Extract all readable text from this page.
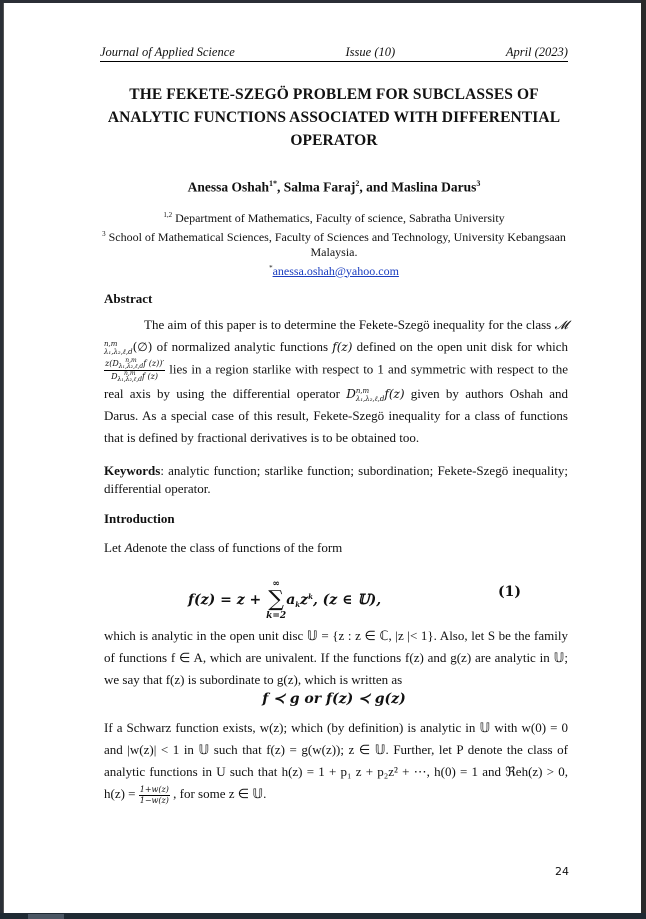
Journal of Applied Science	Issue (10)	April (2023)
THE FEKETE-SZEGÖ PROBLEM FOR SUBCLASSES OF ANALYTIC FUNCTIONS ASSOCIATED WITH DIFFERENTIAL OPERATOR
Anessa Oshah$^{1*}$, Salma Faraj$^2$, and Maslina Darus$^3$
$^{1,2}$ Department of Mathematics, Faculty of science, Sabratha University
$^3$ School of Mathematical Sciences, Faculty of Sciences and Technology, University Kebangsaan Malaysia.
*anessa.oshah@yahoo.com
Abstract
The aim of this paper is to determine the Fekete-Szegö inequality for the class 𝓜
n,m
λ₁,λ₂,ℓ,d (∅) of normalized analytic functions f(z) defined on the open unit disk for which
z(D	n,m
λ₁,λ₂,ℓ,d f (z))′
D	n,m
λ₁,λ₂,ℓ,d f (z) lies in a region starlike with respect to 1 and symmetric with respect to the real axis by using the differential operator D n,m
λ₁,λ₂,ℓ,d f(z) given by authors Oshah and Darus. As a special case of this result, Fekete-Szegö inequality for a class of functions that is defined by fractional derivatives is to be obtained too.
Keywords: analytic function; starlike function; subordination; Fekete-Szegö inequality; differential operator.
Introduction
Let Adenote the class of functions of the form
f(z) = z +
∞
∑
k=2
$a_kz^k$, (z ∈ 𝕌),	(1)
which is analytic in the open unit disc 𝕌 = {z : z ∈ ℂ, |z |< 1}. Also, let S be the family of functions f ∈ A, which are univalent. If the functions f(z) and g(z) are analytic in 𝕌; we say that f(z) is subordinate to g(z), which is written as
f ≺ g or f(z) ≺ g(z)
If a Schwarz function exists, w(z); which (by definition) is analytic in 𝕌 with w(0) = 0 and |w(z)| < 1 in 𝕌 such that f(z) = g(w(z)); z ∈ 𝕌. Further, let P denote the class of analytic functions in U such that h(z) = 1 + p₁ z + p₂z² + ⋯, h(0) = 1 and ℜeh(z) > 0, $h(z) = \frac{1+w(z)}{1-w(z)}$ , for some z ∈ 𝕌.
24
